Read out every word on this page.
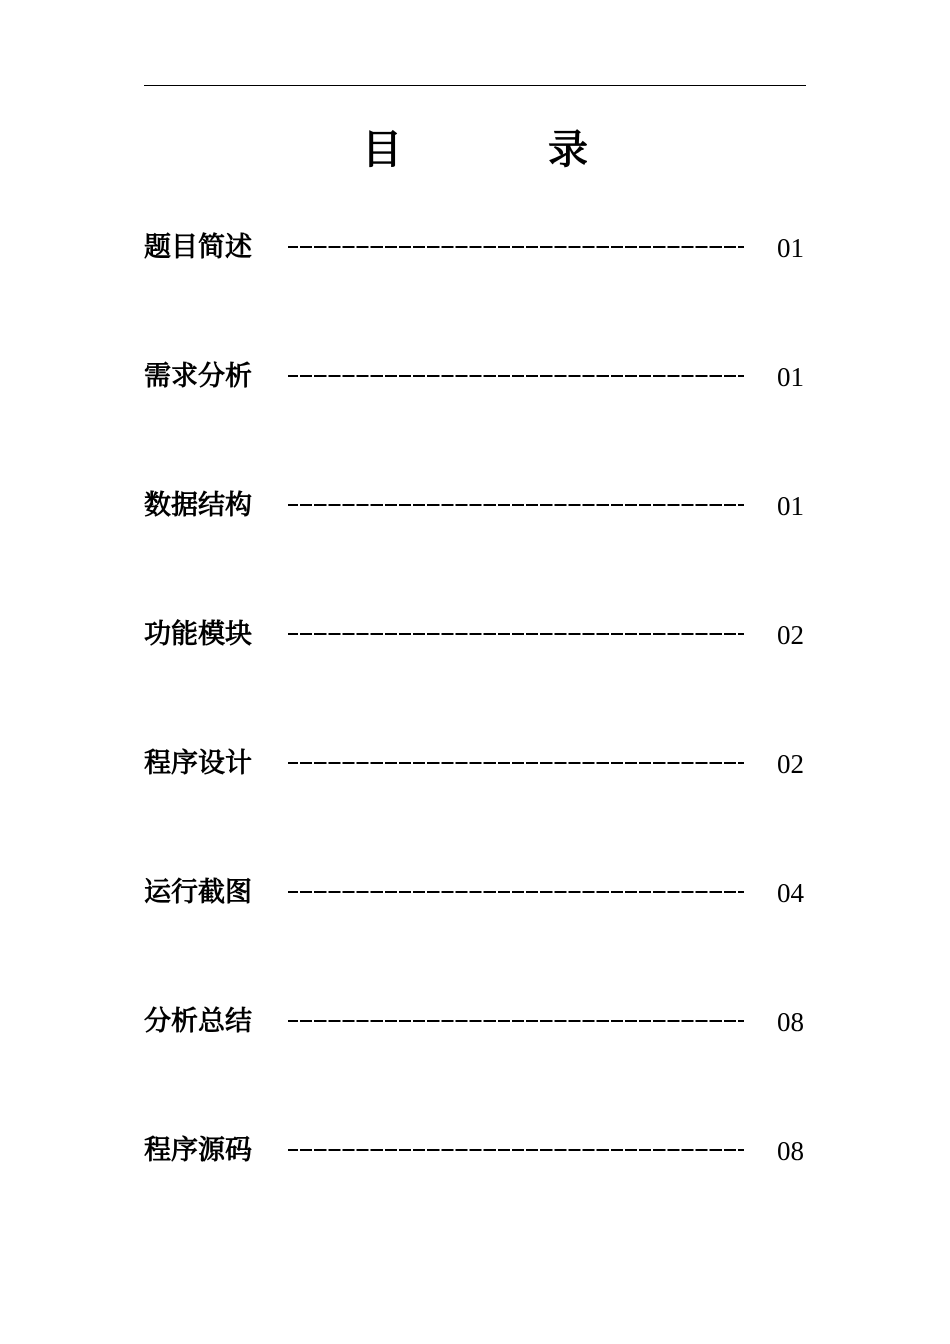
目	录
题目简述	01
需求分析	01
数据结构	01
功能模块	02
程序设计	02
运行截图	04
分析总结	08
程序源码	08
